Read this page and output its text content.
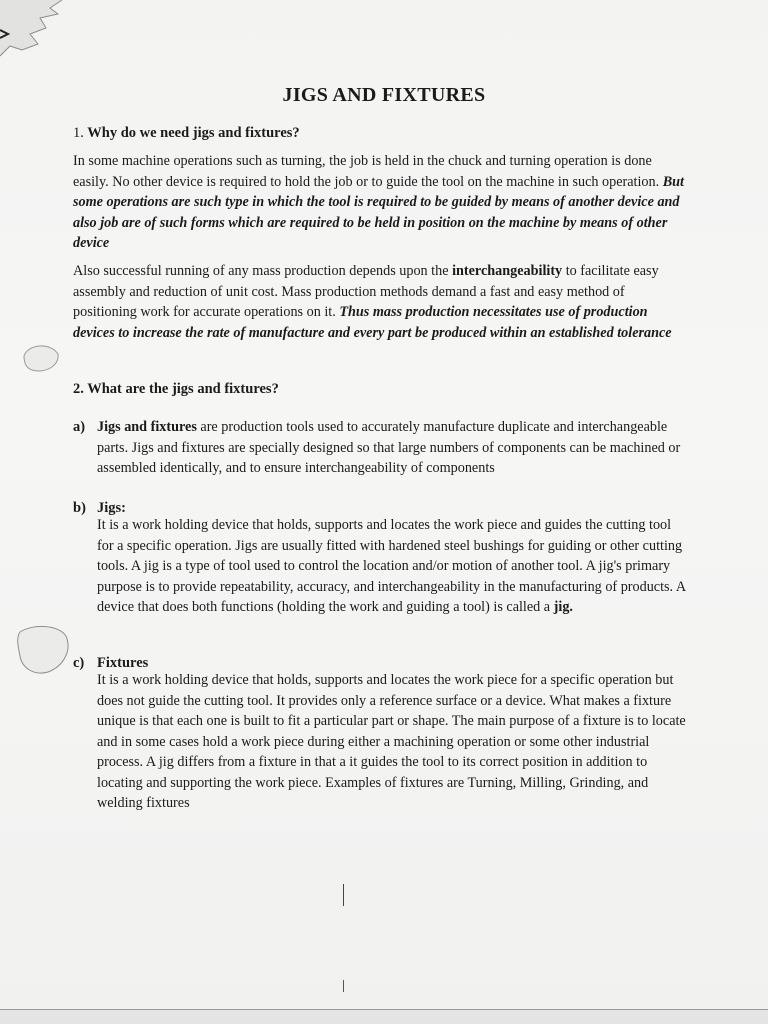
JIGS AND FIXTURES
1. Why do we need jigs and fixtures?
In some machine operations such as turning, the job is held in the chuck and turning operation is done easily. No other device is required to hold the job or to guide the tool on the machine in such operation. But some operations are such type in which the tool is required to be guided by means of another device and also job are of such forms which are required to be held in position on the machine by means of other device
Also successful running of any mass production depends upon the interchangeability to facilitate easy assembly and reduction of unit cost. Mass production methods demand a fast and easy method of positioning work for accurate operations on it. Thus mass production necessitates use of production devices to increase the rate of manufacture and every part be produced within an established tolerance
2. What are the jigs and fixtures?
a) Jigs and fixtures are production tools used to accurately manufacture duplicate and interchangeable parts. Jigs and fixtures are specially designed so that large numbers of components can be machined or assembled identically, and to ensure interchangeability of components
b) Jigs:
It is a work holding device that holds, supports and locates the work piece and guides the cutting tool for a specific operation. Jigs are usually fitted with hardened steel bushings for guiding or other cutting tools. A jig is a type of tool used to control the location and/or motion of another tool. A jig's primary purpose is to provide repeatability, accuracy, and interchangeability in the manufacturing of products. A device that does both functions (holding the work and guiding a tool) is called a jig.
c) Fixtures
It is a work holding device that holds, supports and locates the work piece for a specific operation but does not guide the cutting tool. It provides only a reference surface or a device. What makes a fixture unique is that each one is built to fit a particular part or shape. The main purpose of a fixture is to locate and in some cases hold a work piece during either a machining operation or some other industrial process. A jig differs from a fixture in that a it guides the tool to its correct position in addition to locating and supporting the work piece. Examples of fixtures are Turning, Milling, Grinding, and welding fixtures
